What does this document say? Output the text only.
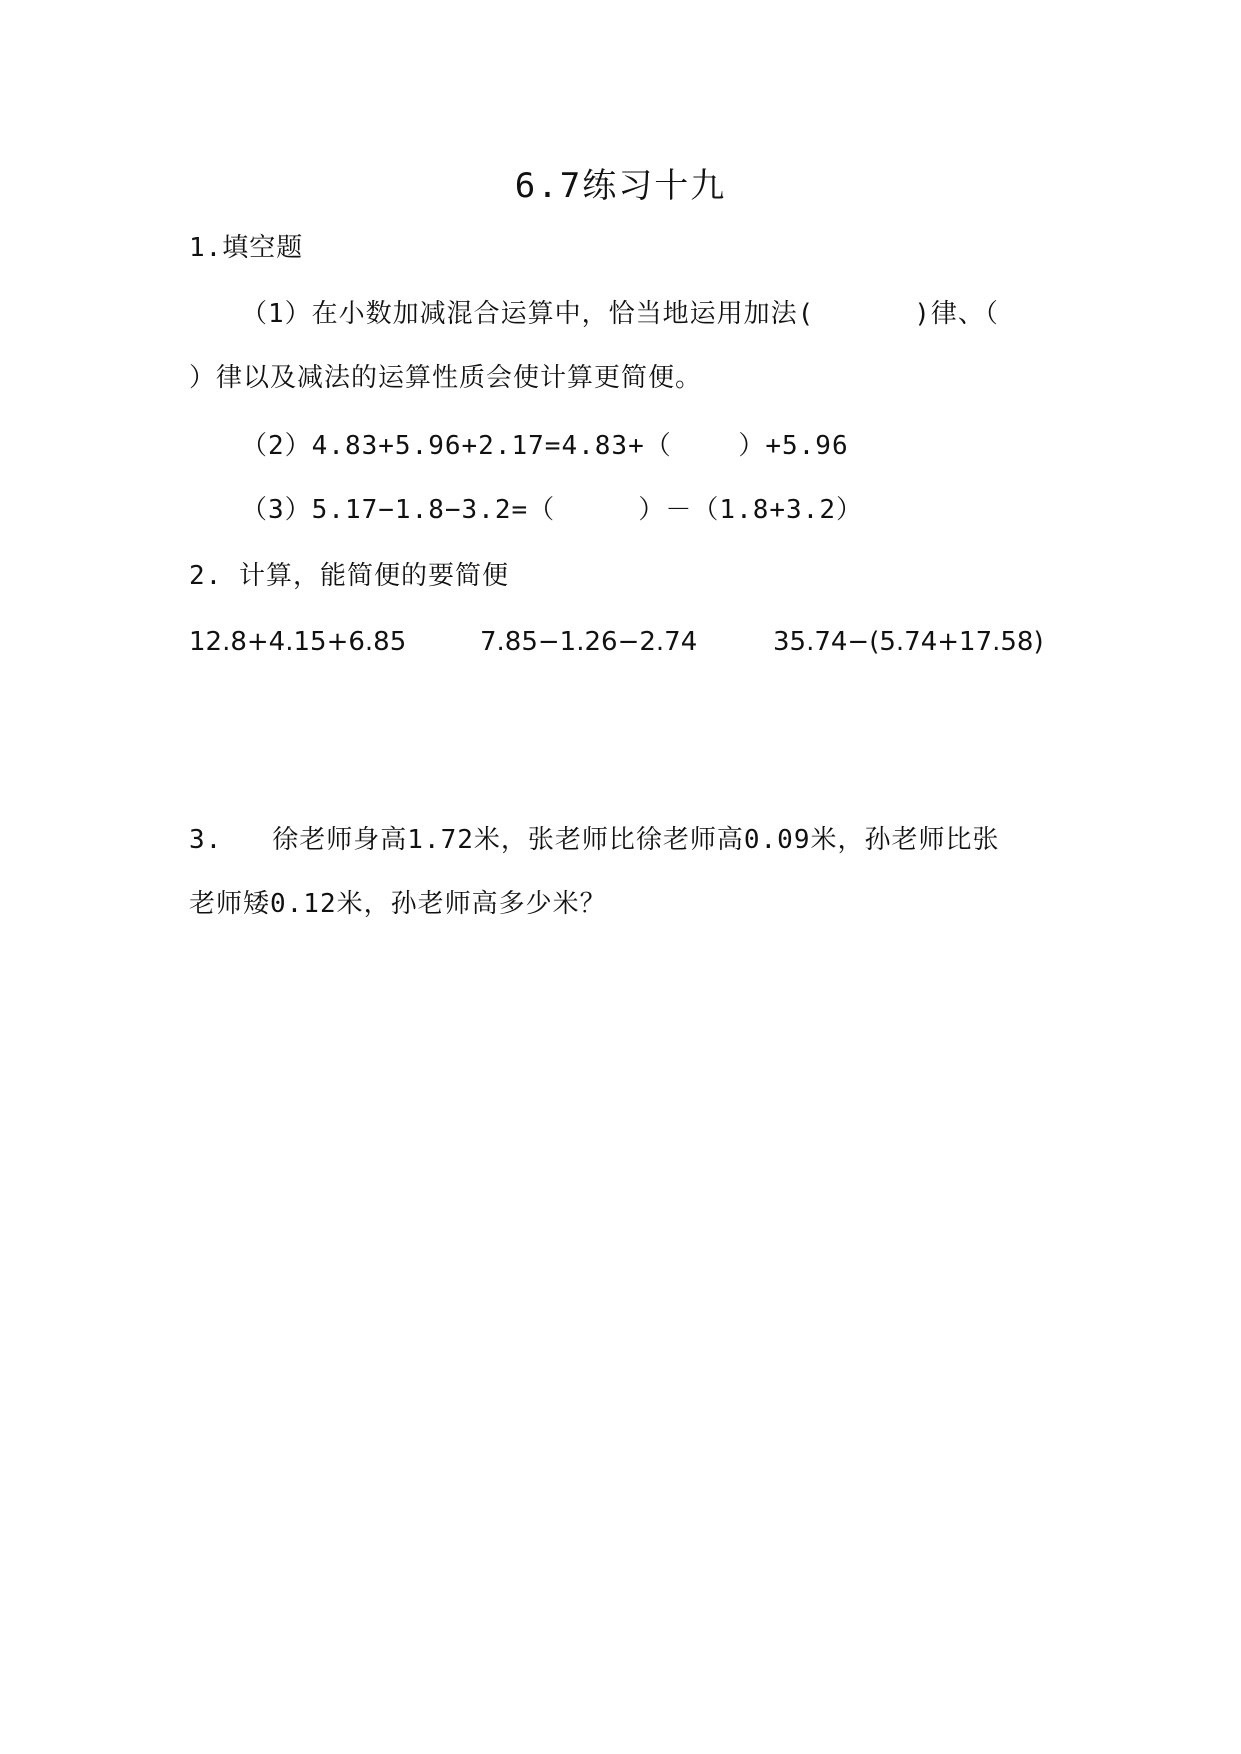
6.7练习十九
1.填空题
（1）在小数加减混合运算中，恰当地运用加法(      )律、（
）律以及减法的运算性质会使计算更简便。
（2）4.83+5.96+2.17=4.83+（    ）+5.96
（3）5.17−1.8−3.2=（     ）－（1.8+3.2）
2. 计算，能简便的要简便
12.8+4.15+6.85	7.85−1.26−2.74	35.74−(5.74+17.58)
3.   徐老师身高1.72米，张老师比徐老师高0.09米，孙老师比张
老师矮0.12米，孙老师高多少米？
